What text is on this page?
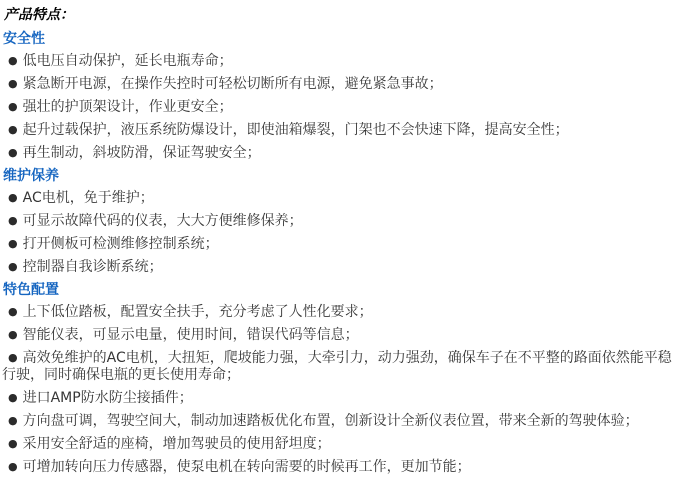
产品特点：
安全性

● 低电压自动保护，延长电瓶寿命；

● 紧急断开电源，在操作失控时可轻松切断所有电源，避免紧急事故；

● 强壮的护顶架设计，作业更安全；

● 起升过载保护，液压系统防爆设计，即使油箱爆裂，门架也不会快速下降，提高安全性；

● 再生制动，斜坡防滑，保证驾驶安全；

维护保养

● AC电机，免于维护；

● 可显示故障代码的仪表，大大方便维修保养；

● 打开侧板可检测维修控制系统；

● 控制器自我诊断系统；

特色配置

● 上下低位踏板，配置安全扶手，充分考虑了人性化要求；

● 智能仪表，可显示电量，使用时间，错误代码等信息；

● 高效免维护的AC电机，大扭矩，爬坡能力强，大牵引力，动力强劲，确保车子在不平整的路面依然能平稳行驶，同时确保电瓶的更长使用寿命；

● 进口AMP防水防尘接插件；

● 方向盘可调，驾驶空间大，制动加速踏板优化布置，创新设计全新仪表位置，带来全新的驾驶体验；

● 采用安全舒适的座椅，增加驾驶员的使用舒坦度；

● 可增加转向压力传感器，使泵电机在转向需要的时候再工作，更加节能；
